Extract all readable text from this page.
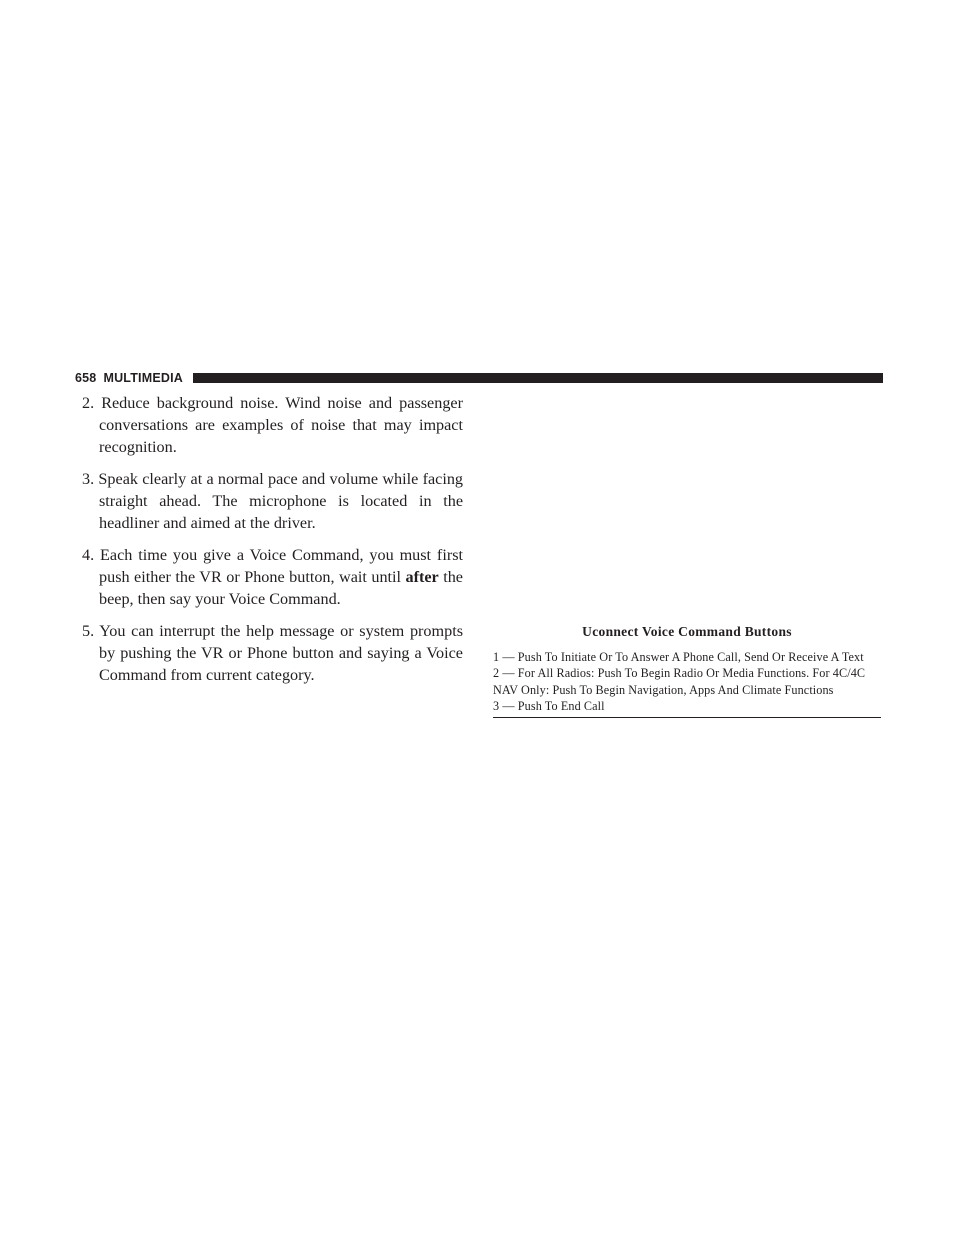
658 MULTIMEDIA
2. Reduce background noise. Wind noise and passenger conversations are examples of noise that may impact recognition.
3. Speak clearly at a normal pace and volume while facing straight ahead. The microphone is located in the headliner and aimed at the driver.
4. Each time you give a Voice Command, you must first push either the VR or Phone button, wait until after the beep, then say your Voice Command.
5. You can interrupt the help message or system prompts by pushing the VR or Phone button and saying a Voice Command from current category.
Uconnect Voice Command Buttons

1 — Push To Initiate Or To Answer A Phone Call, Send Or Receive A Text

2 — For All Radios: Push To Begin Radio Or Media Functions. For 4C/4C NAV Only: Push To Begin Navigation, Apps And Climate Functions

3 — Push To End Call
